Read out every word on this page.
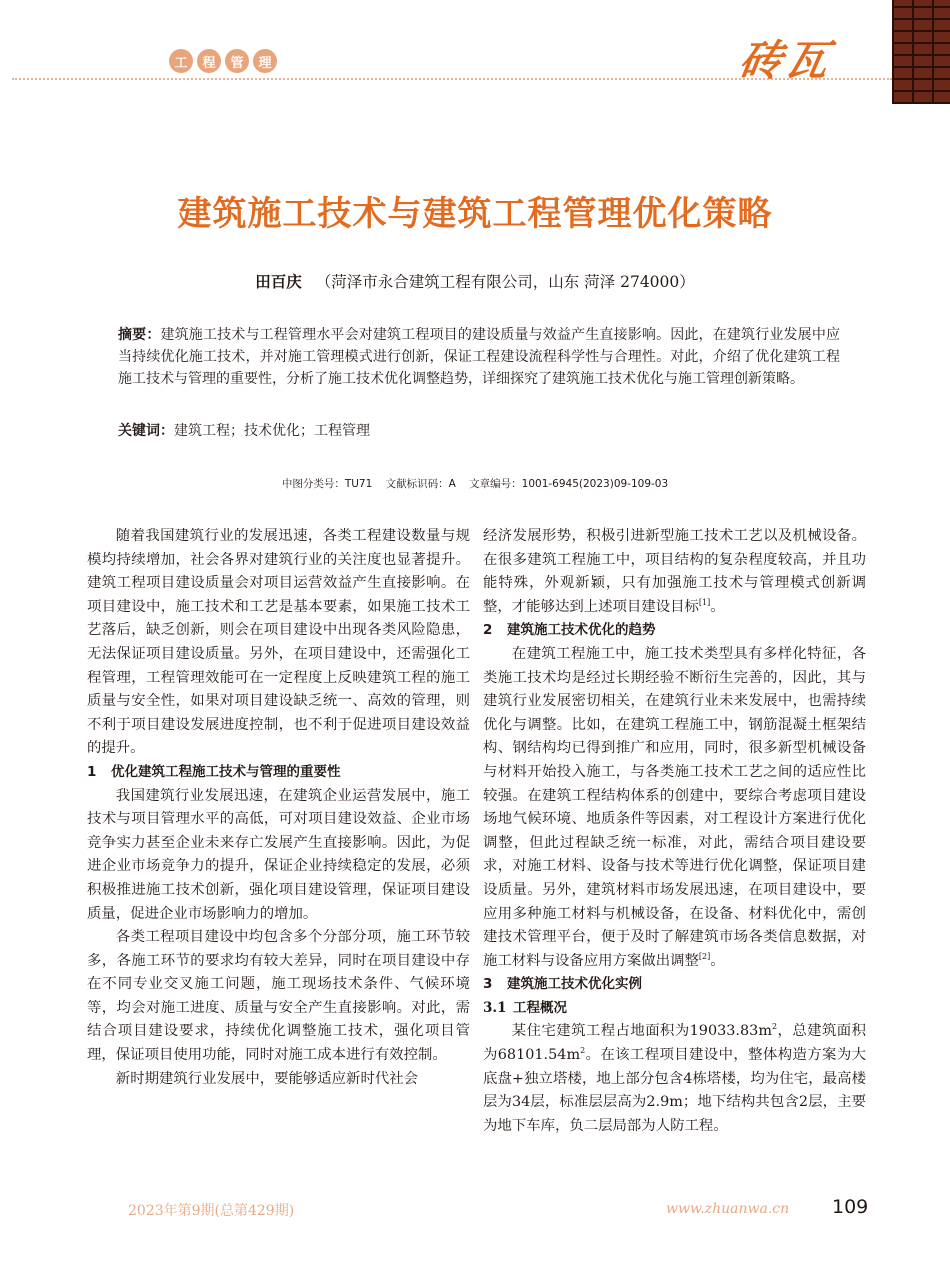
工	程	管	理	砖瓦
建筑施工技术与建筑工程管理优化策略
田百庆 （菏泽市永合建筑工程有限公司，山东 菏泽 274000）

摘要：建筑施工技术与工程管理水平会对建筑工程项目的建设质量与效益产生直接影响。因此，在建筑行业发展中应当持续优化施工技术，并对施工管理模式进行创新，保证工程建设流程科学性与合理性。对此，介绍了优化建筑工程施工技术与管理的重要性，分析了施工技术优化调整趋势，详细探究了建筑施工技术优化与施工管理创新策略。

关键词：建筑工程；技术优化；工程管理

中图分类号：TU71 文献标识码：A 文章编号：1001-6945(2023)09-109-03

随着我国建筑行业的发展迅速，各类工程建设数量与规模均持续增加，社会各界对建筑行业的关注度也显著提升。建筑工程项目建设质量会对项目运营效益产生直接影响。在项目建设中，施工技术和工艺是基本要素，如果施工技术工艺落后，缺乏创新，则会在项目建设中出现各类风险隐患，无法保证项目建设质量。另外，在项目建设中，还需强化工程管理，工程管理效能可在一定程度上反映建筑工程的施工质量与安全性，如果对项目建设缺乏统一、高效的管理，则不利于项目建设发展进度控制，也不利于促进项目建设效益的提升。

1 优化建筑工程施工技术与管理的重要性

我国建筑行业发展迅速，在建筑企业运营发展中，施工技术与项目管理水平的高低，可对项目建设效益、企业市场竞争实力甚至企业未来存亡发展产生直接影响。因此，为促进企业市场竞争力的提升，保证企业持续稳定的发展，必须积极推进施工技术创新，强化项目建设管理，保证项目建设质量，促进企业市场影响力的增加。

各类工程项目建设中均包含多个分部分项，施工环节较多，各施工环节的要求均有较大差异，同时在项目建设中存在不同专业交叉施工问题，施工现场技术条件、气候环境等，均会对施工进度、质量与安全产生直接影响。对此，需结合项目建设要求，持续优化调整施工技术，强化项目管理，保证项目使用功能，同时对施工成本进行有效控制。

新时期建筑行业发展中，要能够适应新时代社会

经济发展形势，积极引进新型施工技术工艺以及机械设备。在很多建筑工程施工中，项目结构的复杂程度较高，并且功能特殊，外观新颖，只有加强施工技术与管理模式创新调整，才能够达到上述项目建设目标[1]。

2 建筑施工技术优化的趋势

在建筑工程施工中，施工技术类型具有多样化特征，各类施工技术均是经过长期经验不断衍生完善的，因此，其与建筑行业发展密切相关，在建筑行业未来发展中，也需持续优化与调整。比如，在建筑工程施工中，钢筋混凝土框架结构、钢结构均已得到推广和应用，同时，很多新型机械设备与材料开始投入施工，与各类施工技术工艺之间的适应性比较强。在建筑工程结构体系的创建中，要综合考虑项目建设场地气候环境、地质条件等因素，对工程设计方案进行优化调整，但此过程缺乏统一标准，对此，需结合项目建设要求，对施工材料、设备与技术等进行优化调整，保证项目建设质量。另外，建筑材料市场发展迅速，在项目建设中，要应用多种施工材料与机械设备，在设备、材料优化中，需创建技术管理平台，便于及时了解建筑市场各类信息数据，对施工材料与设备应用方案做出调整[2]。

3 建筑施工技术优化实例
3.1 工程概况

某住宅建筑工程占地面积为$19033.83m^2$，总建筑面积为$68101.54m^2$。在该工程项目建设中，整体构造方案为大底盘+独立塔楼，地上部分包含4栋塔楼，均为住宅，最高楼层为34层，标准层层高为2.9m；地下结构共包含2层，主要为地下车库，负二层局部为人防工程。

2023年第9期(总第429期)	www.zhuanwa.cn 109
